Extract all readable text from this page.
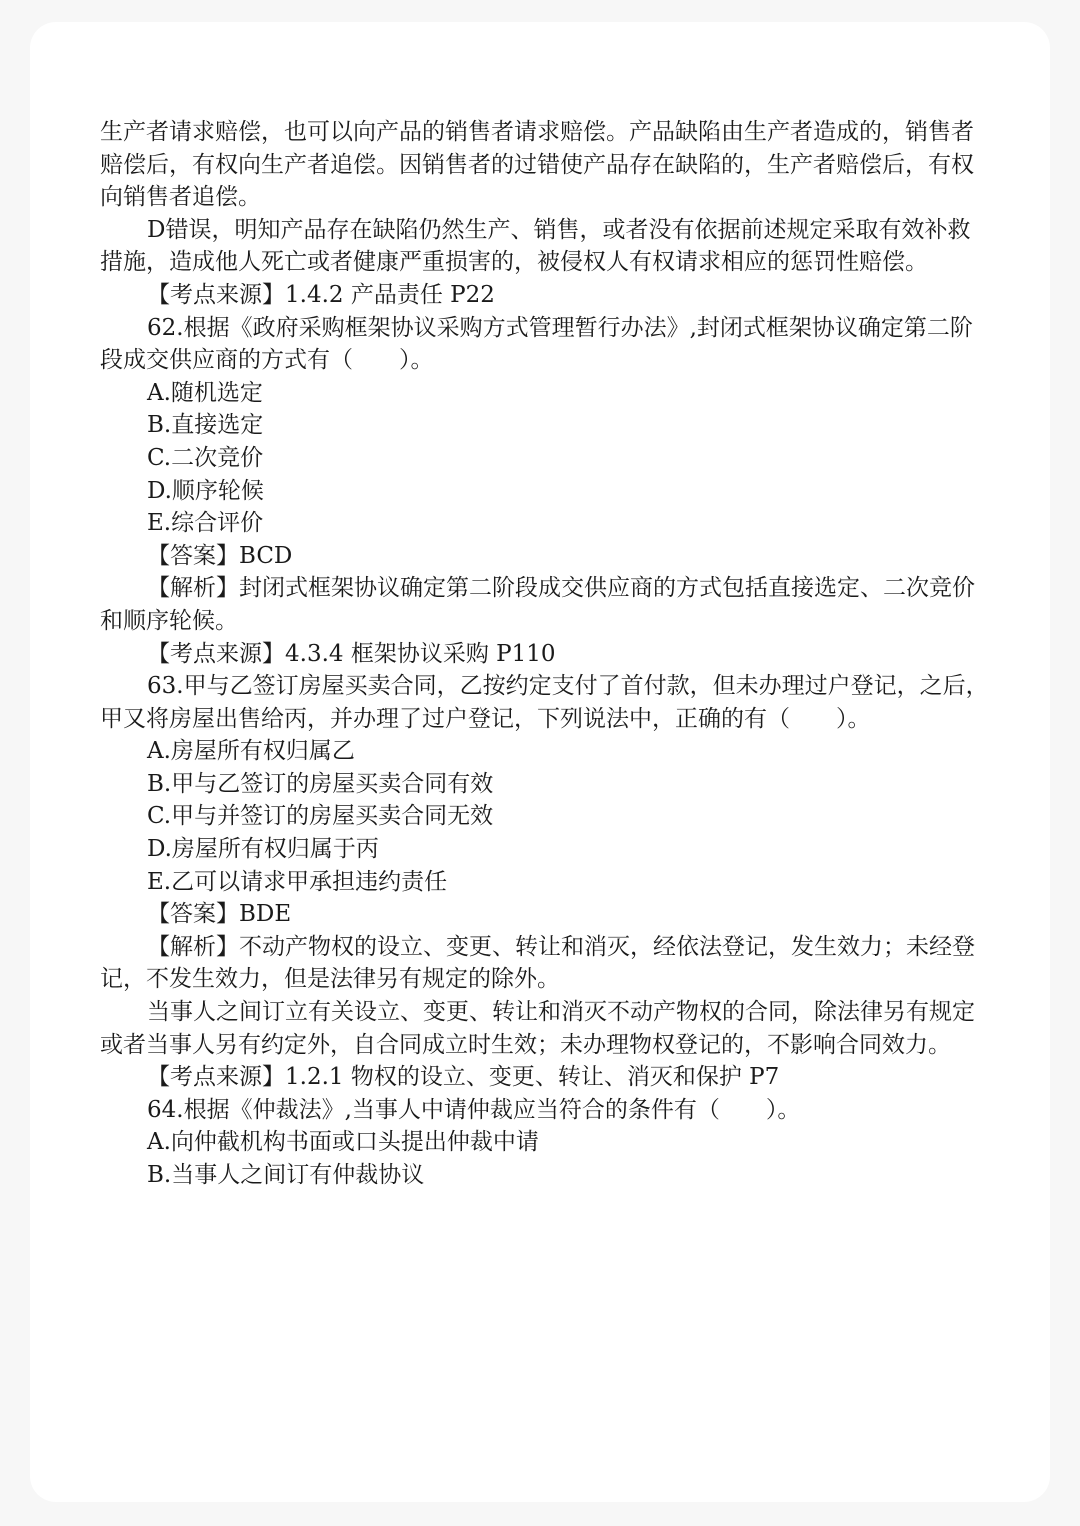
生产者请求赔偿，也可以向产品的销售者请求赔偿。产品缺陷由生产者造成的，销售者赔偿后，有权向生产者追偿。因销售者的过错使产品存在缺陷的，生产者赔偿后，有权向销售者追偿。

D错误，明知产品存在缺陷仍然生产、销售，或者没有依据前述规定采取有效补救措施，造成他人死亡或者健康严重损害的，被侵权人有权请求相应的惩罚性赔偿。

【考点来源】1.4.2 产品责任 P22

62.根据《政府采购框架协议采购方式管理暂行办法》,封闭式框架协议确定第二阶段成交供应商的方式有（　　）。

A.随机选定

B.直接选定

C.二次竞价

D.顺序轮候

E.综合评价

【答案】BCD

【解析】封闭式框架协议确定第二阶段成交供应商的方式包括直接选定、二次竞价和顺序轮候。

【考点来源】4.3.4 框架协议采购 P110

63.甲与乙签订房屋买卖合同，乙按约定支付了首付款，但未办理过户登记，之后，甲又将房屋出售给丙，并办理了过户登记，下列说法中，正确的有（　　）。

A.房屋所有权归属乙

B.甲与乙签订的房屋买卖合同有效

C.甲与并签订的房屋买卖合同无效

D.房屋所有权归属于丙

E.乙可以请求甲承担违约责任

【答案】BDE

【解析】不动产物权的设立、变更、转让和消灭，经依法登记，发生效力；未经登记，不发生效力，但是法律另有规定的除外。

当事人之间订立有关设立、变更、转让和消灭不动产物权的合同，除法律另有规定或者当事人另有约定外，自合同成立时生效；未办理物权登记的，不影响合同效力。

【考点来源】1.2.1 物权的设立、变更、转让、消灭和保护 P7

64.根据《仲裁法》,当事人中请仲裁应当符合的条件有（　　）。

A.向仲截机构书面或口头提出仲裁中请

B.当事人之间订有仲裁协议
